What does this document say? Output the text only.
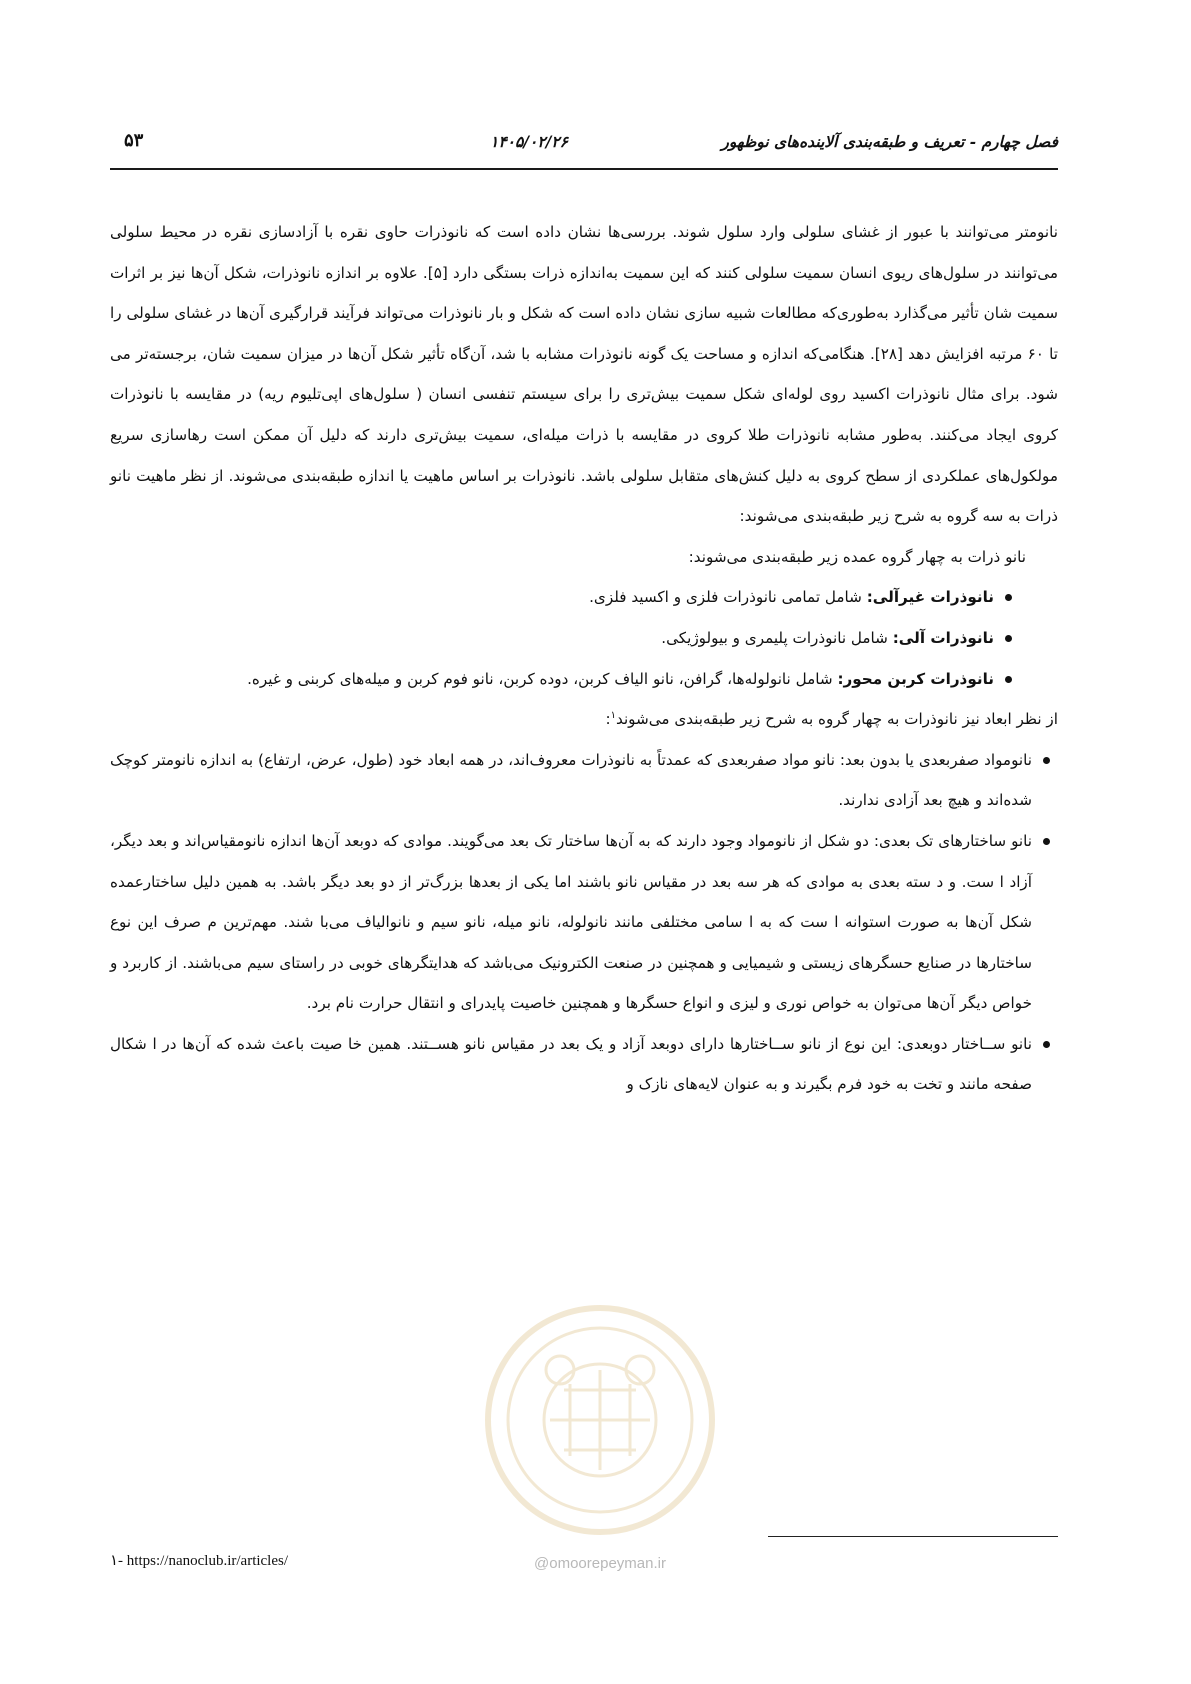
فصل چهارم - تعریف و طبقه‌بندی آلاینده‌های نوظهور
۱۴۰۵/۰۲/۲۶
۵۳

نانومتر می‌توانند با عبور از غشای سلولی وارد سلول شوند. بررسی‌ها نشان داده است که نانوذرات حاوی نقره با آزادسازی نقره در محیط سلولی می‌توانند در سلول‌های ریوی انسان سمیت سلولی کنند که این سمیت به‌اندازه ذرات بستگی دارد [۵]. علاوه بر اندازه نانوذرات، شکل آن‌ها نیز بر اثرات سمیت شان تأثیر می‌گذارد به‌طوری‌که مطالعات شبیه سازی نشان داده است که شکل و بار نانوذرات می‌تواند فرآیند قرارگیری آن‌ها در غشای سلولی را تا ۶۰ مرتبه افزایش دهد [۲۸]. هنگامی‌که اندازه و مساحت یک گونه نانوذرات مشابه با شد، آن‌گاه تأثیر شکل آن‌ها در میزان سمیت شان، برجسته‌تر می شود. برای مثال نانوذرات اکسید روی لوله‌ای شکل سمیت بیش‌تری را برای سیستم تنفسی انسان ( سلول‌های اپی‌تلیوم ریه) در مقایسه با نانوذرات کروی ایجاد می‌کنند. به‌طور مشابه نانوذرات طلا کروی در مقایسه با ذرات میله‌ای، سمیت بیش‌تری دارند که دلیل آن ممکن است رهاسازی سریع مولکول‌های عملکردی از سطح کروی به دلیل کنش‌های متقابل سلولی باشد. نانوذرات بر اساس ماهیت یا اندازه طبقه‌بندی می‌شوند. از نظر ماهیت نانو ذرات به سه گروه به شرح زیر طبقه‌بندی می‌شوند:

نانو ذرات به چهار گروه عمده زیر طبقه‌بندی می‌شوند:

نانوذرات غیرآلی: شامل تمامی نانوذرات فلزی و اکسید فلزی.
نانوذرات آلی: شامل نانوذرات پلیمری و بیولوژیکی.
نانوذرات کربن محور: شامل نانولوله‌ها، گرافن، نانو الیاف کربن، دوده کربن، نانو فوم کربن و میله‌های کربنی و غیره.

از نظر ابعاد نیز نانوذرات به چهار گروه به شرح زیر طبقه‌بندی می‌شوند$^۱$:

نانومواد صفربعدی یا بدون بعد: نانو مواد صفربعدی که عمدتاً به نانوذرات معروف‌اند، در همه ابعاد خود (طول، عرض، ارتفاع) به اندازه نانومتر کوچک شده‌اند و هیچ بعد آزادی ندارند.
نانو ساختارهای تک بعدی: دو شکل از نانومواد وجود دارند که به آن‌ها ساختار تک بعد می‌گویند. موادی که دوبعد آن‌ها اندازه نانومقیاس‌اند و بعد دیگر، آزاد ا ست. و د سته بعدی به موادی که هر سه بعد در مقیاس نانو باشند اما یکی از بعدها بزرگ‌تر از دو بعد دیگر باشد. به همین دلیل ساختارعمده شکل آن‌ها به صورت استوانه ا ست که به ا سامی مختلفی مانند نانولوله، نانو میله، نانو سیم و نانوالیاف می‌با شند. مهم‌ترین م صرف این نوع ساختارها در صنایع حسگرهای زیستی و شیمیایی و همچنین در صنعت الکترونیک می‌باشد که هدایتگرهای خوبی در راستای سیم می‌باشند. از کاربرد و خواص دیگر آن‌ها می‌توان به خواص نوری و لیزی و انواع حسگرها و همچنین خاصیت پایدرای و انتقال حرارت نام برد.
نانو ســاختار دوبعدی: این نوع از نانو ســاختارها دارای دوبعد آزاد و یک بعد در مقیاس نانو هســتند. همین خا صیت باعث شده که آن‌ها در ا شکال صفحه مانند و تخت به خود فرم بگیرند و به عنوان لایه‌های نازک و
@omoorepeyman.ir
۱- https://nanoclub.ir/articles/
